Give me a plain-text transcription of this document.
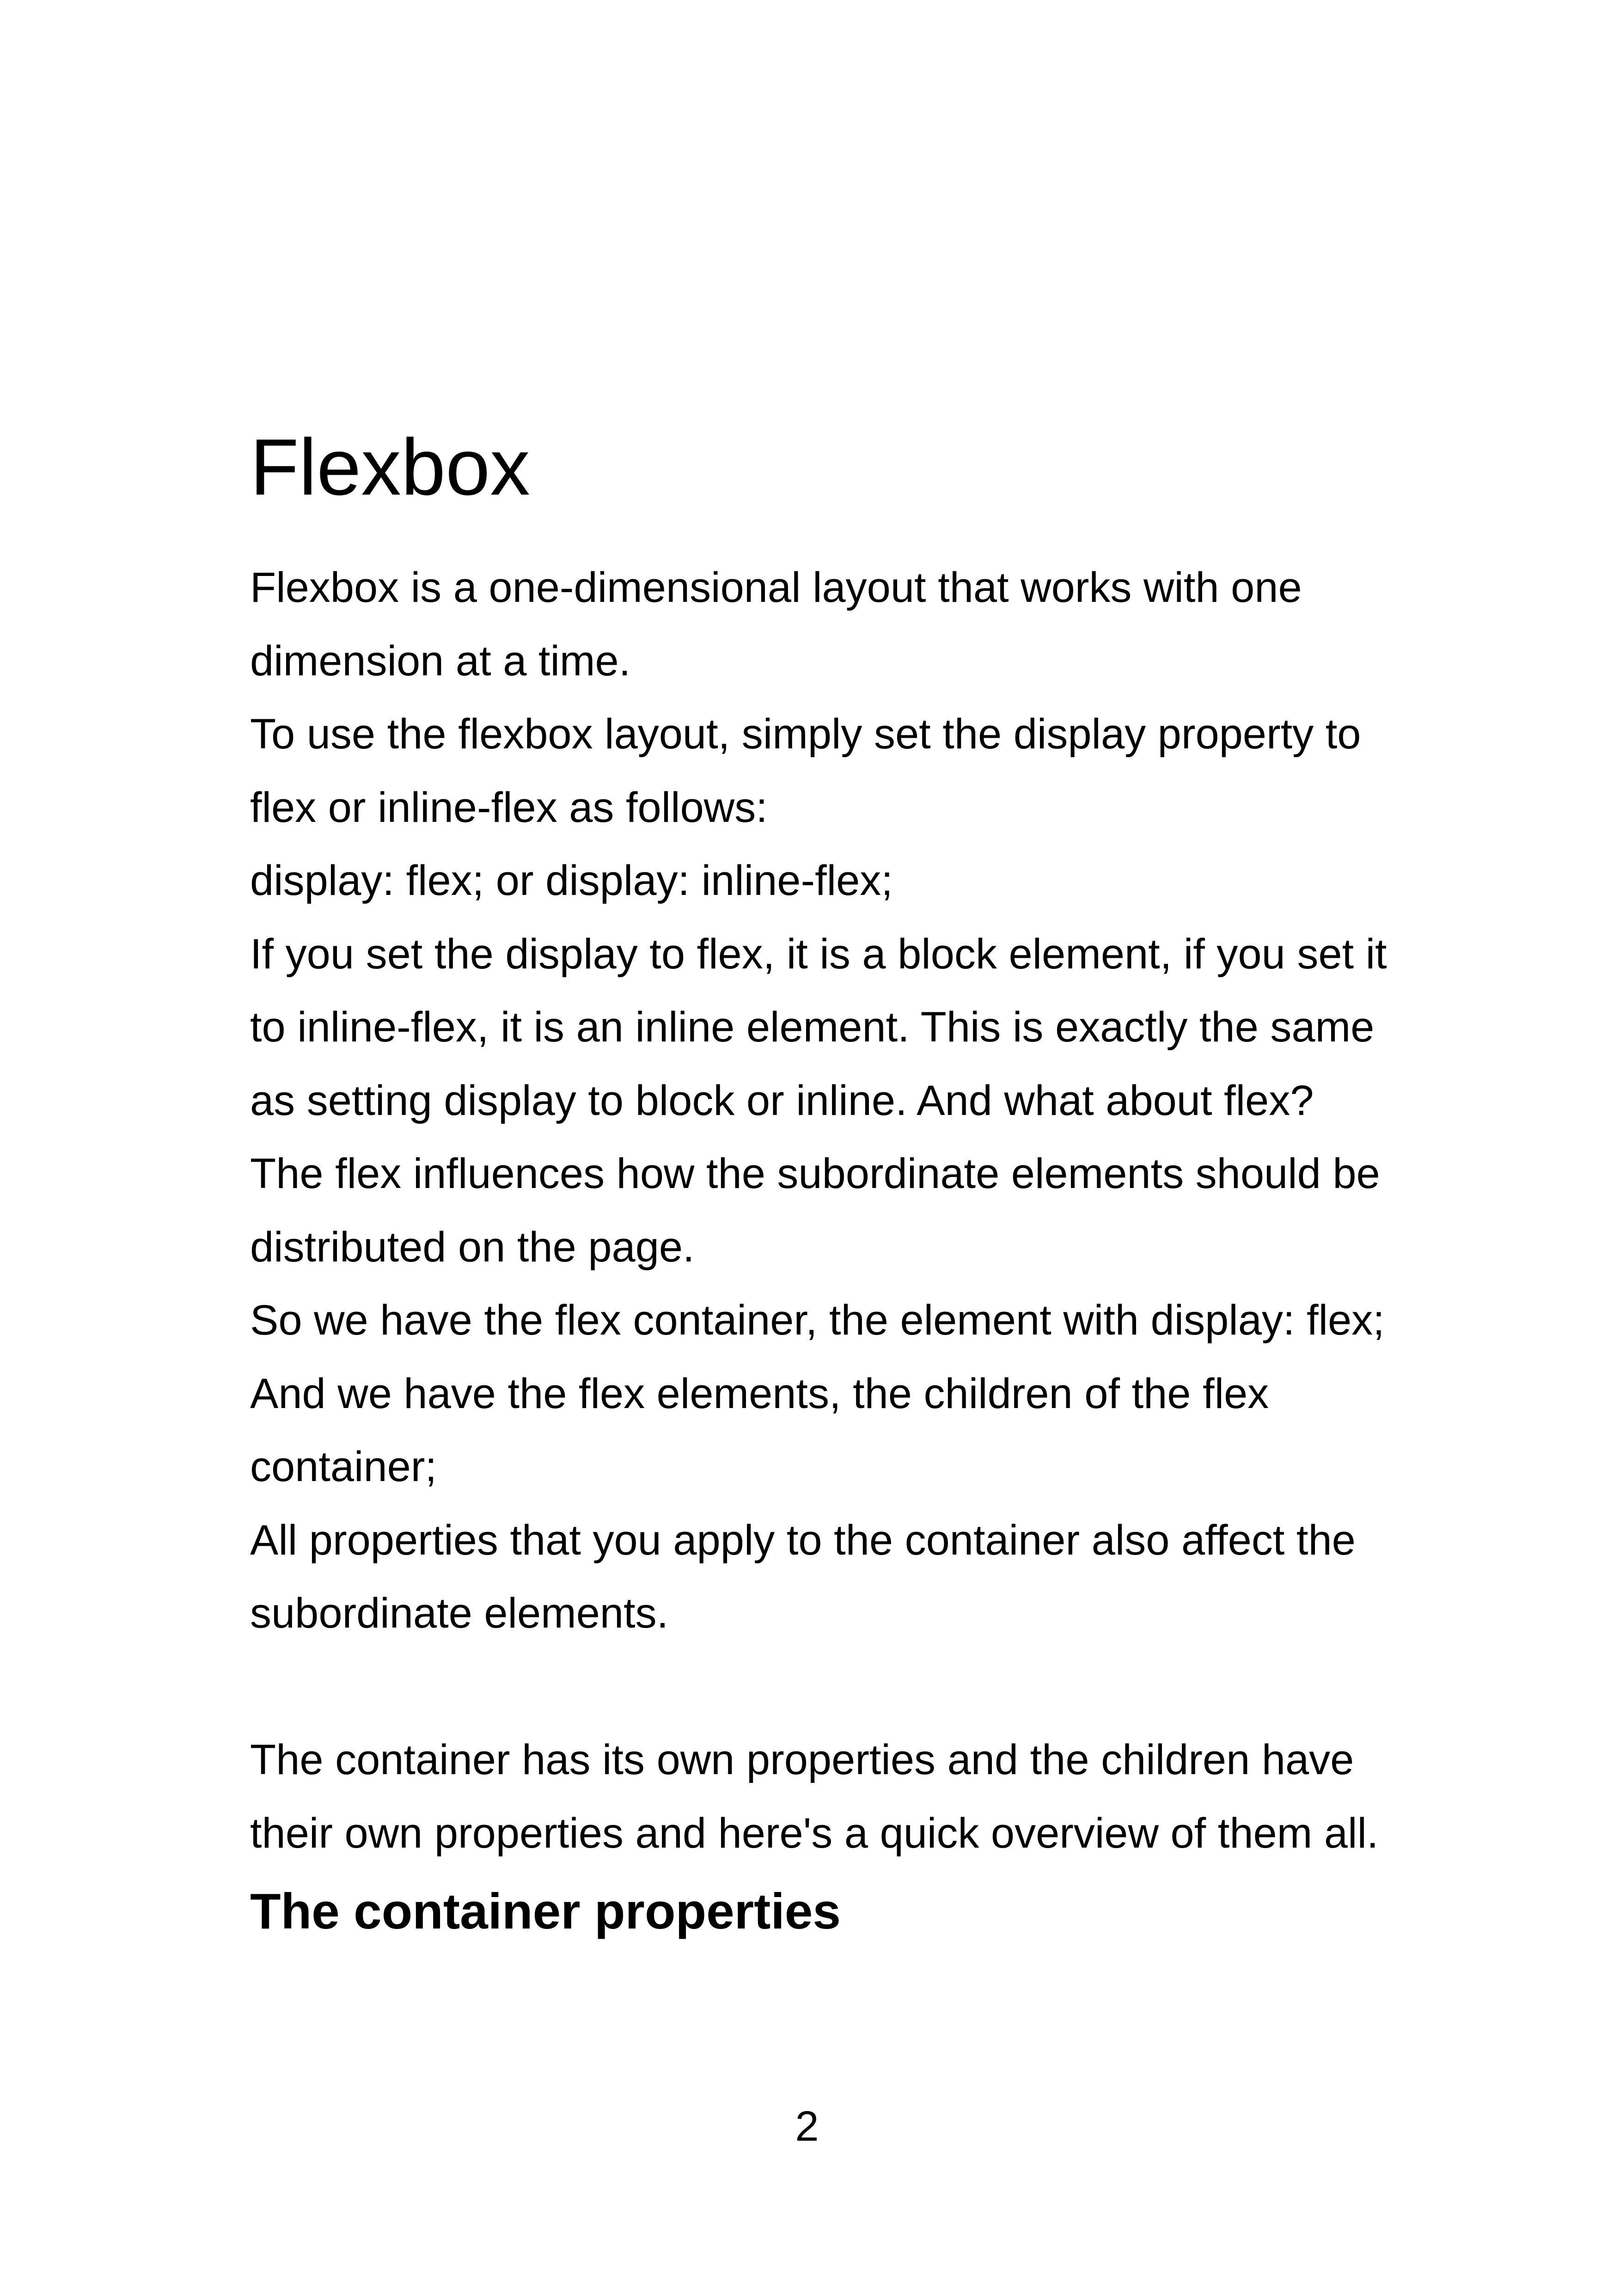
Flexbox
Flexbox is a one-dimensional layout that works with one
dimension at a time.
To use the flexbox layout, simply set the display property to
flex or inline-flex as follows:
display: flex; or display: inline-flex;
If you set the display to flex, it is a block element, if you set it
to inline-flex, it is an inline element. This is exactly the same
as setting display to block or inline. And what about flex?
The flex influences how the subordinate elements should be
distributed on the page.
So we have the flex container, the element with display: flex;
And we have the flex elements, the children of the flex
container;
All properties that you apply to the container also affect the
subordinate elements.
The container has its own properties and the children have
their own properties and here's a quick overview of them all.
The container properties
2
